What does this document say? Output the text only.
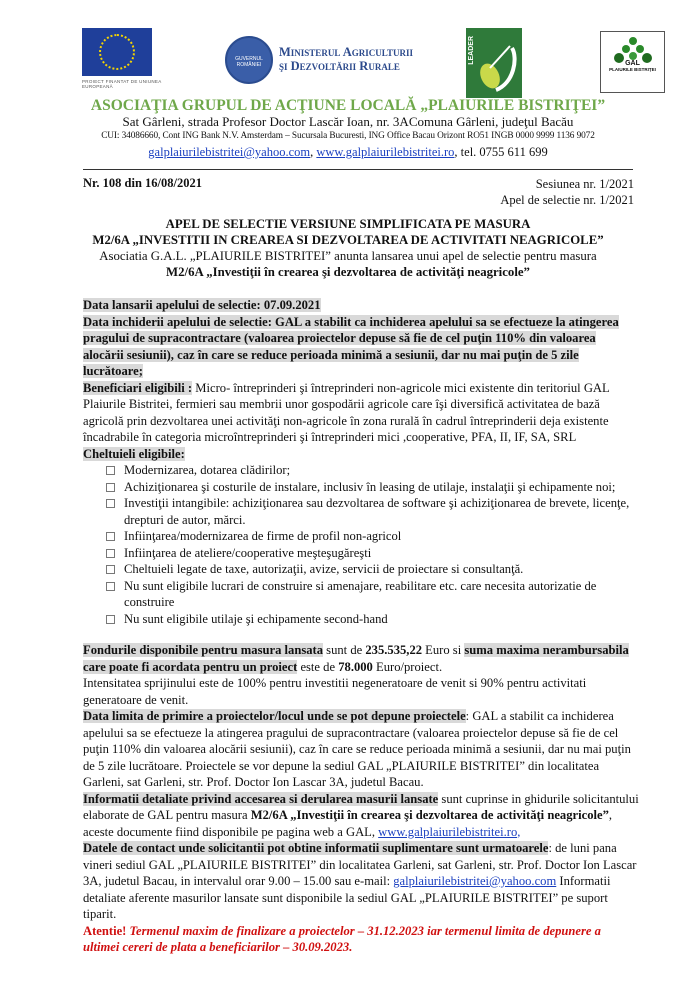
PROIECT FINANTAT DE UNIUNEA EUROPEANĂ
GUVERNUL ROMÂNIEI
Ministerul Agriculturii
şi Dezvoltării Rurale
LEADER	GAL
PLAIURILE BISTRIȚEI
ASOCIAŢIA GRUPUL DE ACŢIUNE LOCALĂ „PLAIURILE BISTRIŢEI”
Sat Gârleni, strada Profesor Doctor Lascăr Ioan, nr. 3AComuna Gârleni, judeţul Bacău
CUI: 34086660, Cont ING Bank N.V. Amsterdam – Sucursala Bucuresti, ING Office Bacau Orizont RO51 INGB 0000 9999 1136 9072
galplaiurilebistritei@yahoo.com, www.galplaiurilebistritei.ro, tel. 0755 611 699
Nr. 108 din 16/08/2021	Sesiunea nr. 1/2021
Apel de selectie nr. 1/2021
APEL DE SELECTIE VERSIUNE SIMPLIFICATA PE MASURA
M2/6A „INVESTITII IN CREAREA SI DEZVOLTAREA DE ACTIVITATI NEAGRICOLE”
Asociatia G.A.L. „PLAIURILE BISTRITEI” anunta lansarea unui apel de selectie pentru masura
M2/6A „Investiţii în crearea şi dezvoltarea de activităţi neagricole”

Data lansarii apelului de selectie: 07.09.2021

Data inchiderii apelului de selectie: GAL a stabilit ca inchiderea apelului sa se efectueze la atingerea pragului de supracontractare (valoarea proiectelor depuse să fie de cel puţin 110% din valoarea alocării sesiunii), caz în care se reduce perioada minimă a sesiunii, dar nu mai puţin de 5 zile lucrătoare;

Beneficiari eligibili : Micro- întreprinderi şi întreprinderi non-agricole mici existente din teritoriul GAL Plaiurile Bistritei, fermieri sau membrii unor gospodării agricole care îşi diversifică activitatea de bază agricolă prin dezvoltarea unei activităţi non-agricole în zona rurală în cadrul întreprinderii deja existente încadrabile în categoria microîntreprinderi şi întreprinderi mici ,cooperative, PFA, II, IF, SA, SRL

Cheltuieli eligibile:

Modernizarea, dotarea clădirilor;
Achiziţionarea şi costurile de instalare, inclusiv în leasing de utilaje, instalaţii şi echipamente noi;
Investiţii intangibile: achiziţionarea sau dezvoltarea de software şi achiziţionarea de brevete, licenţe, drepturi de autor, mărci.
Infiinţarea/modernizarea de firme de profil non-agricol
Infiinţarea de ateliere/cooperative meşteşugăreşti
Cheltuieli legate de taxe, autorizaţii, avize, servicii de proiectare si consultanţă.
Nu sunt eligibile lucrari de construire si amenajare, reabilitare etc. care necesita autorizatie de construire
Nu sunt eligibile utilaje şi echipamente second-hand

Fondurile disponibile pentru masura lansata sunt de 235.535,22 Euro si suma maxima nerambursabila care poate fi acordata pentru un proiect este de 78.000 Euro/proiect.

Intensitatea sprijinului este de 100% pentru investitii negeneratoare de venit si 90% pentru activitati generatoare de venit.

Data limita de primire a proiectelor/locul unde se pot depune proiectele: GAL a stabilit ca inchiderea apelului sa se efectueze la atingerea pragului de supracontractare (valoarea proiectelor depuse să fie de cel puţin 110% din valoarea alocării sesiunii), caz în care se reduce perioada minimă a sesiunii, dar nu mai puţin de 5 zile lucrătoare. Proiectele se vor depune la sediul GAL „PLAIURILE BISTRITEI” din localitatea Garleni, sat Garleni, str. Prof. Doctor Ion Lascar 3A, judetul Bacau.

Informatii detaliate privind accesarea si derularea masurii lansate sunt cuprinse in ghidurile solicitantului elaborate de GAL pentru masura M2/6A „Investiţii în crearea şi dezvoltarea de activităţi neagricole”, aceste documente fiind disponibile pe pagina web a GAL, www.galplaiurilebistritei.ro,

Datele de contact unde solicitantii pot obtine informatii suplimentare sunt urmatoarele: de luni pana vineri sediul GAL „PLAIURILE BISTRITEI” din localitatea Garleni, sat Garleni, str. Prof. Doctor Ion Lascar 3A, judetul Bacau, in intervalul orar 9.00 – 15.00 sau e-mail: galplaiurilebistritei@yahoo.com Informatii detaliate aferente masurilor lansate sunt disponibile la sediul GAL „PLAIURILE BISTRITEI” pe suport tiparit.

Atentie! Termenul maxim de finalizare a proiectelor – 31.12.2023 iar termenul limita de depunere a ultimei cereri de plata a beneficiarilor – 30.09.2023.
